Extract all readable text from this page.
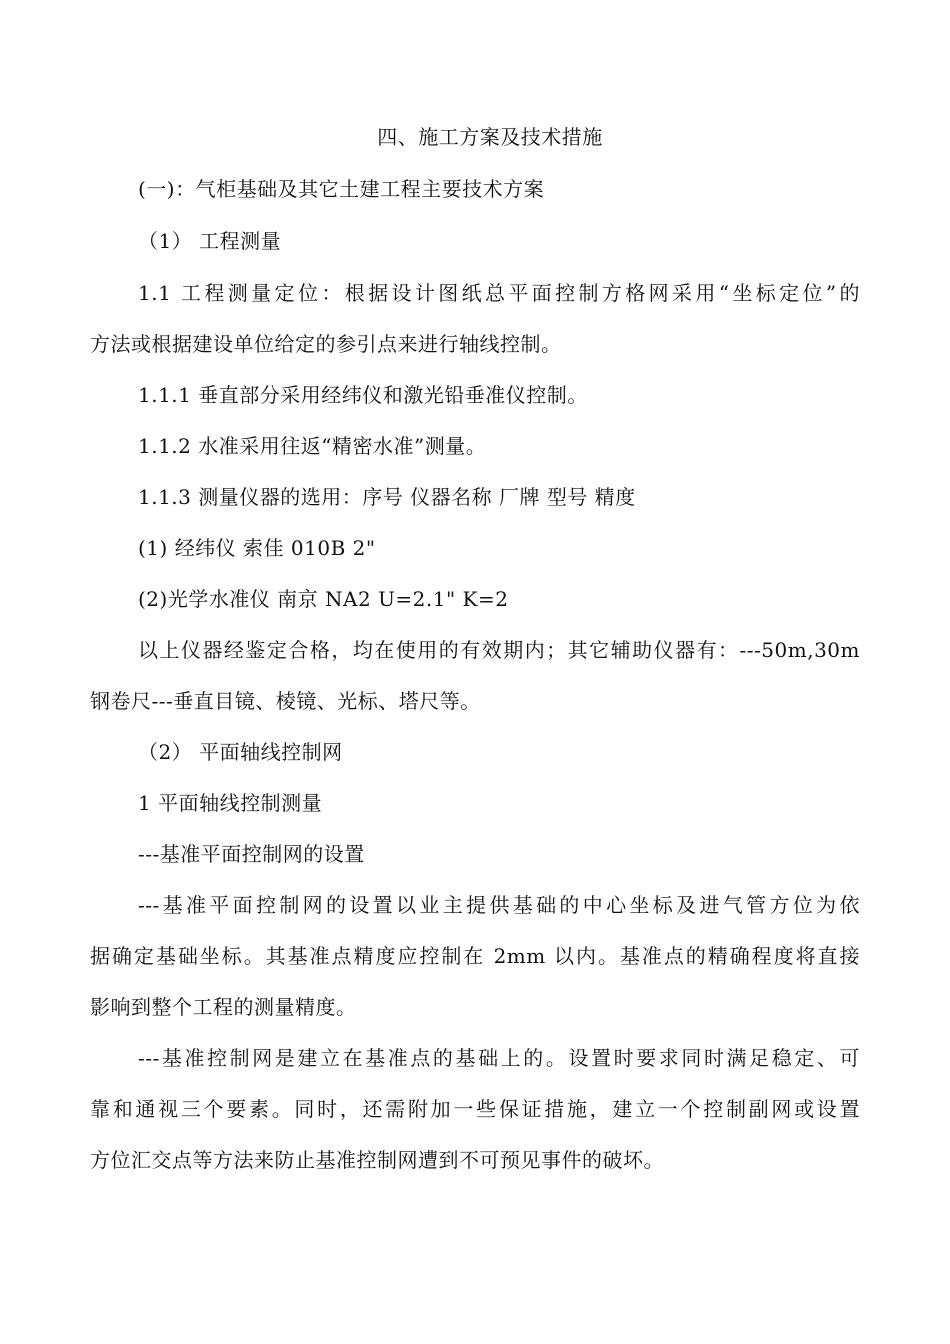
四、施工方案及技术措施
(一)：气柜基础及其它土建工程主要技术方案
（1） 工程测量
1.1 工程测量定位：根据设计图纸总平面控制方格网采用“坐标定位”的
方法或根据建设单位给定的参引点来进行轴线控制。
1.1.1 垂直部分采用经纬仪和激光铅垂准仪控制。
1.1.2 水准采用往返“精密水准”测量。
1.1.3 测量仪器的选用：序号 仪器名称 厂牌 型号 精度
(1) 经纬仪 索佳 010B 2"
(2)光学水准仪 南京 NA2 U=2.1" K=2
以上仪器经鉴定合格，均在使用的有效期内；其它辅助仪器有：---50m,30m
钢卷尺---垂直目镜、棱镜、光标、塔尺等。
（2） 平面轴线控制网
1 平面轴线控制测量
---基准平面控制网的设置
---基准平面控制网的设置以业主提供基础的中心坐标及进气管方位为依
据确定基础坐标。其基准点精度应控制在 2mm 以内。基准点的精确程度将直接
影响到整个工程的测量精度。
---基准控制网是建立在基准点的基础上的。设置时要求同时满足稳定、可
靠和通视三个要素。同时，还需附加一些保证措施，建立一个控制副网或设置
方位汇交点等方法来防止基准控制网遭到不可预见事件的破坏。
